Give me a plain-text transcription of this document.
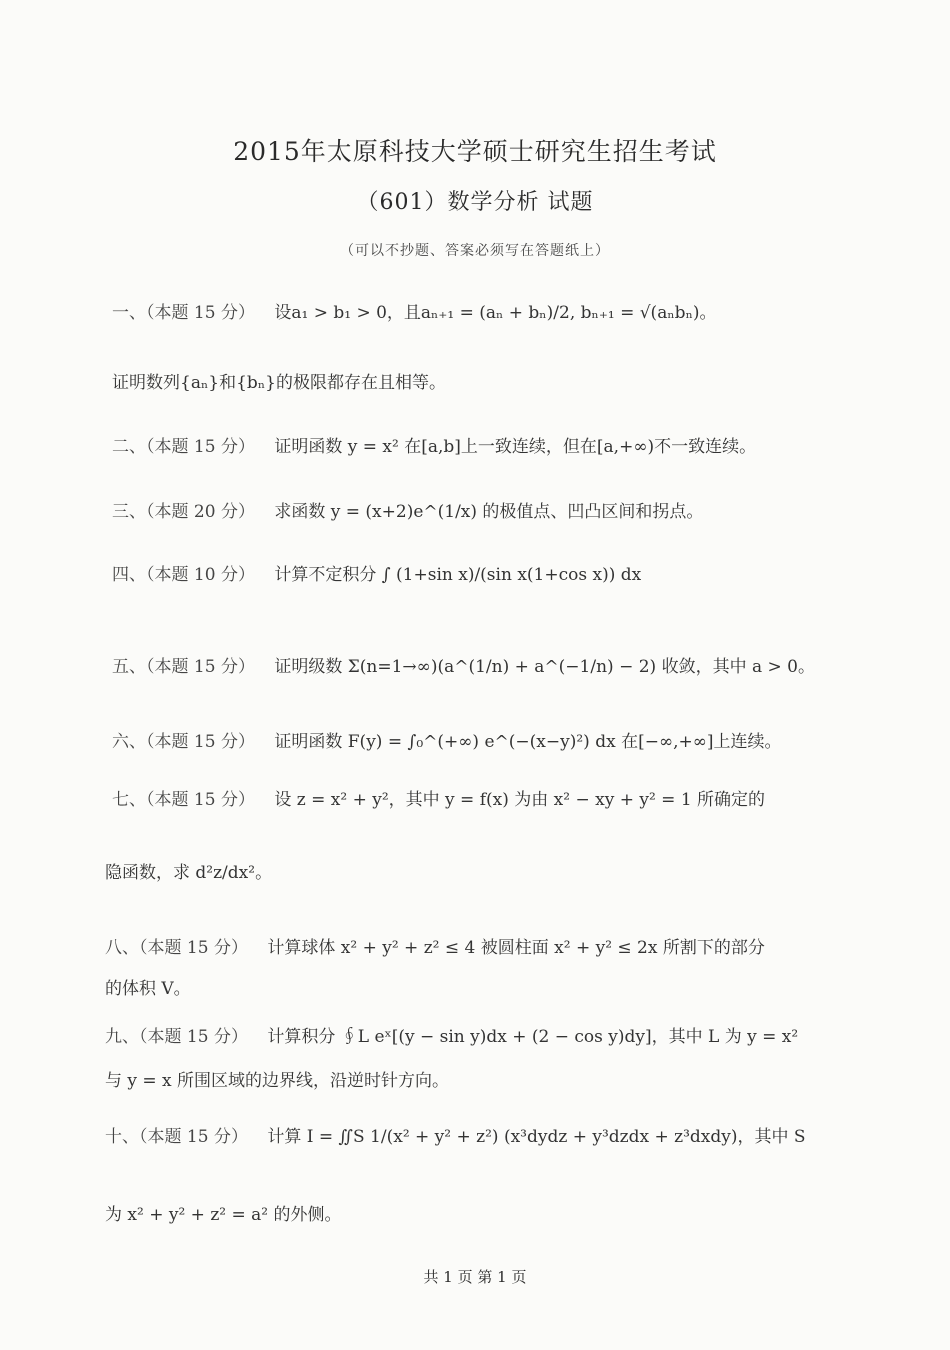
2015年太原科技大学硕士研究生招生考试
（601）数学分析 试题
（可以不抄题、答案必须写在答题纸上）
一、（本题 15 分） 设a₁ > b₁ > 0，且aₙ₊₁ = (aₙ + bₙ)/2, bₙ₊₁ = √(aₙbₙ)。
证明数列{aₙ}和{bₙ}的极限都存在且相等。
二、（本题 15 分） 证明函数 y = x² 在[a,b]上一致连续，但在[a,+∞)不一致连续。
三、（本题 20 分） 求函数 y = (x+2)e^(1/x) 的极值点、凹凸区间和拐点。
四、（本题 10 分） 计算不定积分 ∫ (1+sin x)/(sin x(1+cos x)) dx
五、（本题 15 分） 证明级数 Σ(n=1→∞)(a^(1/n) + a^(−1/n) − 2) 收敛，其中 a > 0。
六、（本题 15 分） 证明函数 F(y) = ∫₀^(+∞) e^(−(x−y)²) dx 在[−∞,+∞]上连续。
七、（本题 15 分） 设 z = x² + y²，其中 y = f(x) 为由 x² − xy + y² = 1 所确定的
隐函数，求 d²z/dx²。
八、（本题 15 分） 计算球体 x² + y² + z² ≤ 4 被圆柱面 x² + y² ≤ 2x 所割下的部分
的体积 V。
九、（本题 15 分） 计算积分 ∮L eˣ[(y − sin y)dx + (2 − cos y)dy]，其中 L 为 y = x²
与 y = x 所围区域的边界线，沿逆时针方向。
十、（本题 15 分） 计算 I = ∬S 1/(x² + y² + z²) (x³dydz + y³dzdx + z³dxdy)，其中 S
为 x² + y² + z² = a² 的外侧。
共 1 页 第 1 页
